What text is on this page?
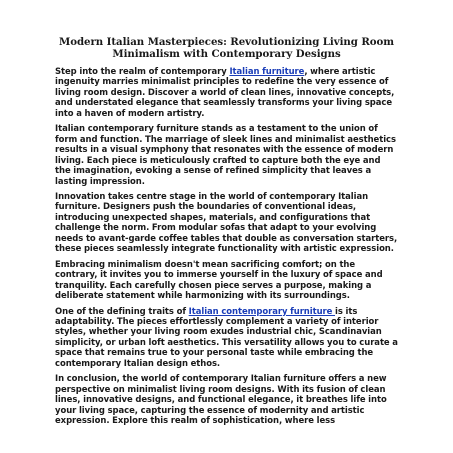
Modern Italian Masterpieces: Revolutionizing Living Room Minimalism with Contemporary Designs

Step into the realm of contemporary Italian furniture, where artistic ingenuity marries minimalist principles to redefine the very essence of living room design. Discover a world of clean lines, innovative concepts, and understated elegance that seamlessly transforms your living space into a haven of modern artistry.

Italian contemporary furniture stands as a testament to the union of form and function. The marriage of sleek lines and minimalist aesthetics results in a visual symphony that resonates with the essence of modern living. Each piece is meticulously crafted to capture both the eye and the imagination, evoking a sense of refined simplicity that leaves a lasting impression.

Innovation takes centre stage in the world of contemporary Italian furniture. Designers push the boundaries of conventional ideas, introducing unexpected shapes, materials, and configurations that challenge the norm. From modular sofas that adapt to your evolving needs to avant-garde coffee tables that double as conversation starters, these pieces seamlessly integrate functionality with artistic expression.

Embracing minimalism doesn't mean sacrificing comfort; on the contrary, it invites you to immerse yourself in the luxury of space and tranquility. Each carefully chosen piece serves a purpose, making a deliberate statement while harmonizing with its surroundings.

One of the defining traits of Italian contemporary furniture is its adaptability. The pieces effortlessly complement a variety of interior styles, whether your living room exudes industrial chic, Scandinavian simplicity, or urban loft aesthetics. This versatility allows you to curate a space that remains true to your personal taste while embracing the contemporary Italian design ethos.

In conclusion, the world of contemporary Italian furniture offers a new perspective on minimalist living room designs. With its fusion of clean lines, innovative designs, and functional elegance, it breathes life into your living space, capturing the essence of modernity and artistic expression. Explore this realm of sophistication, where less
